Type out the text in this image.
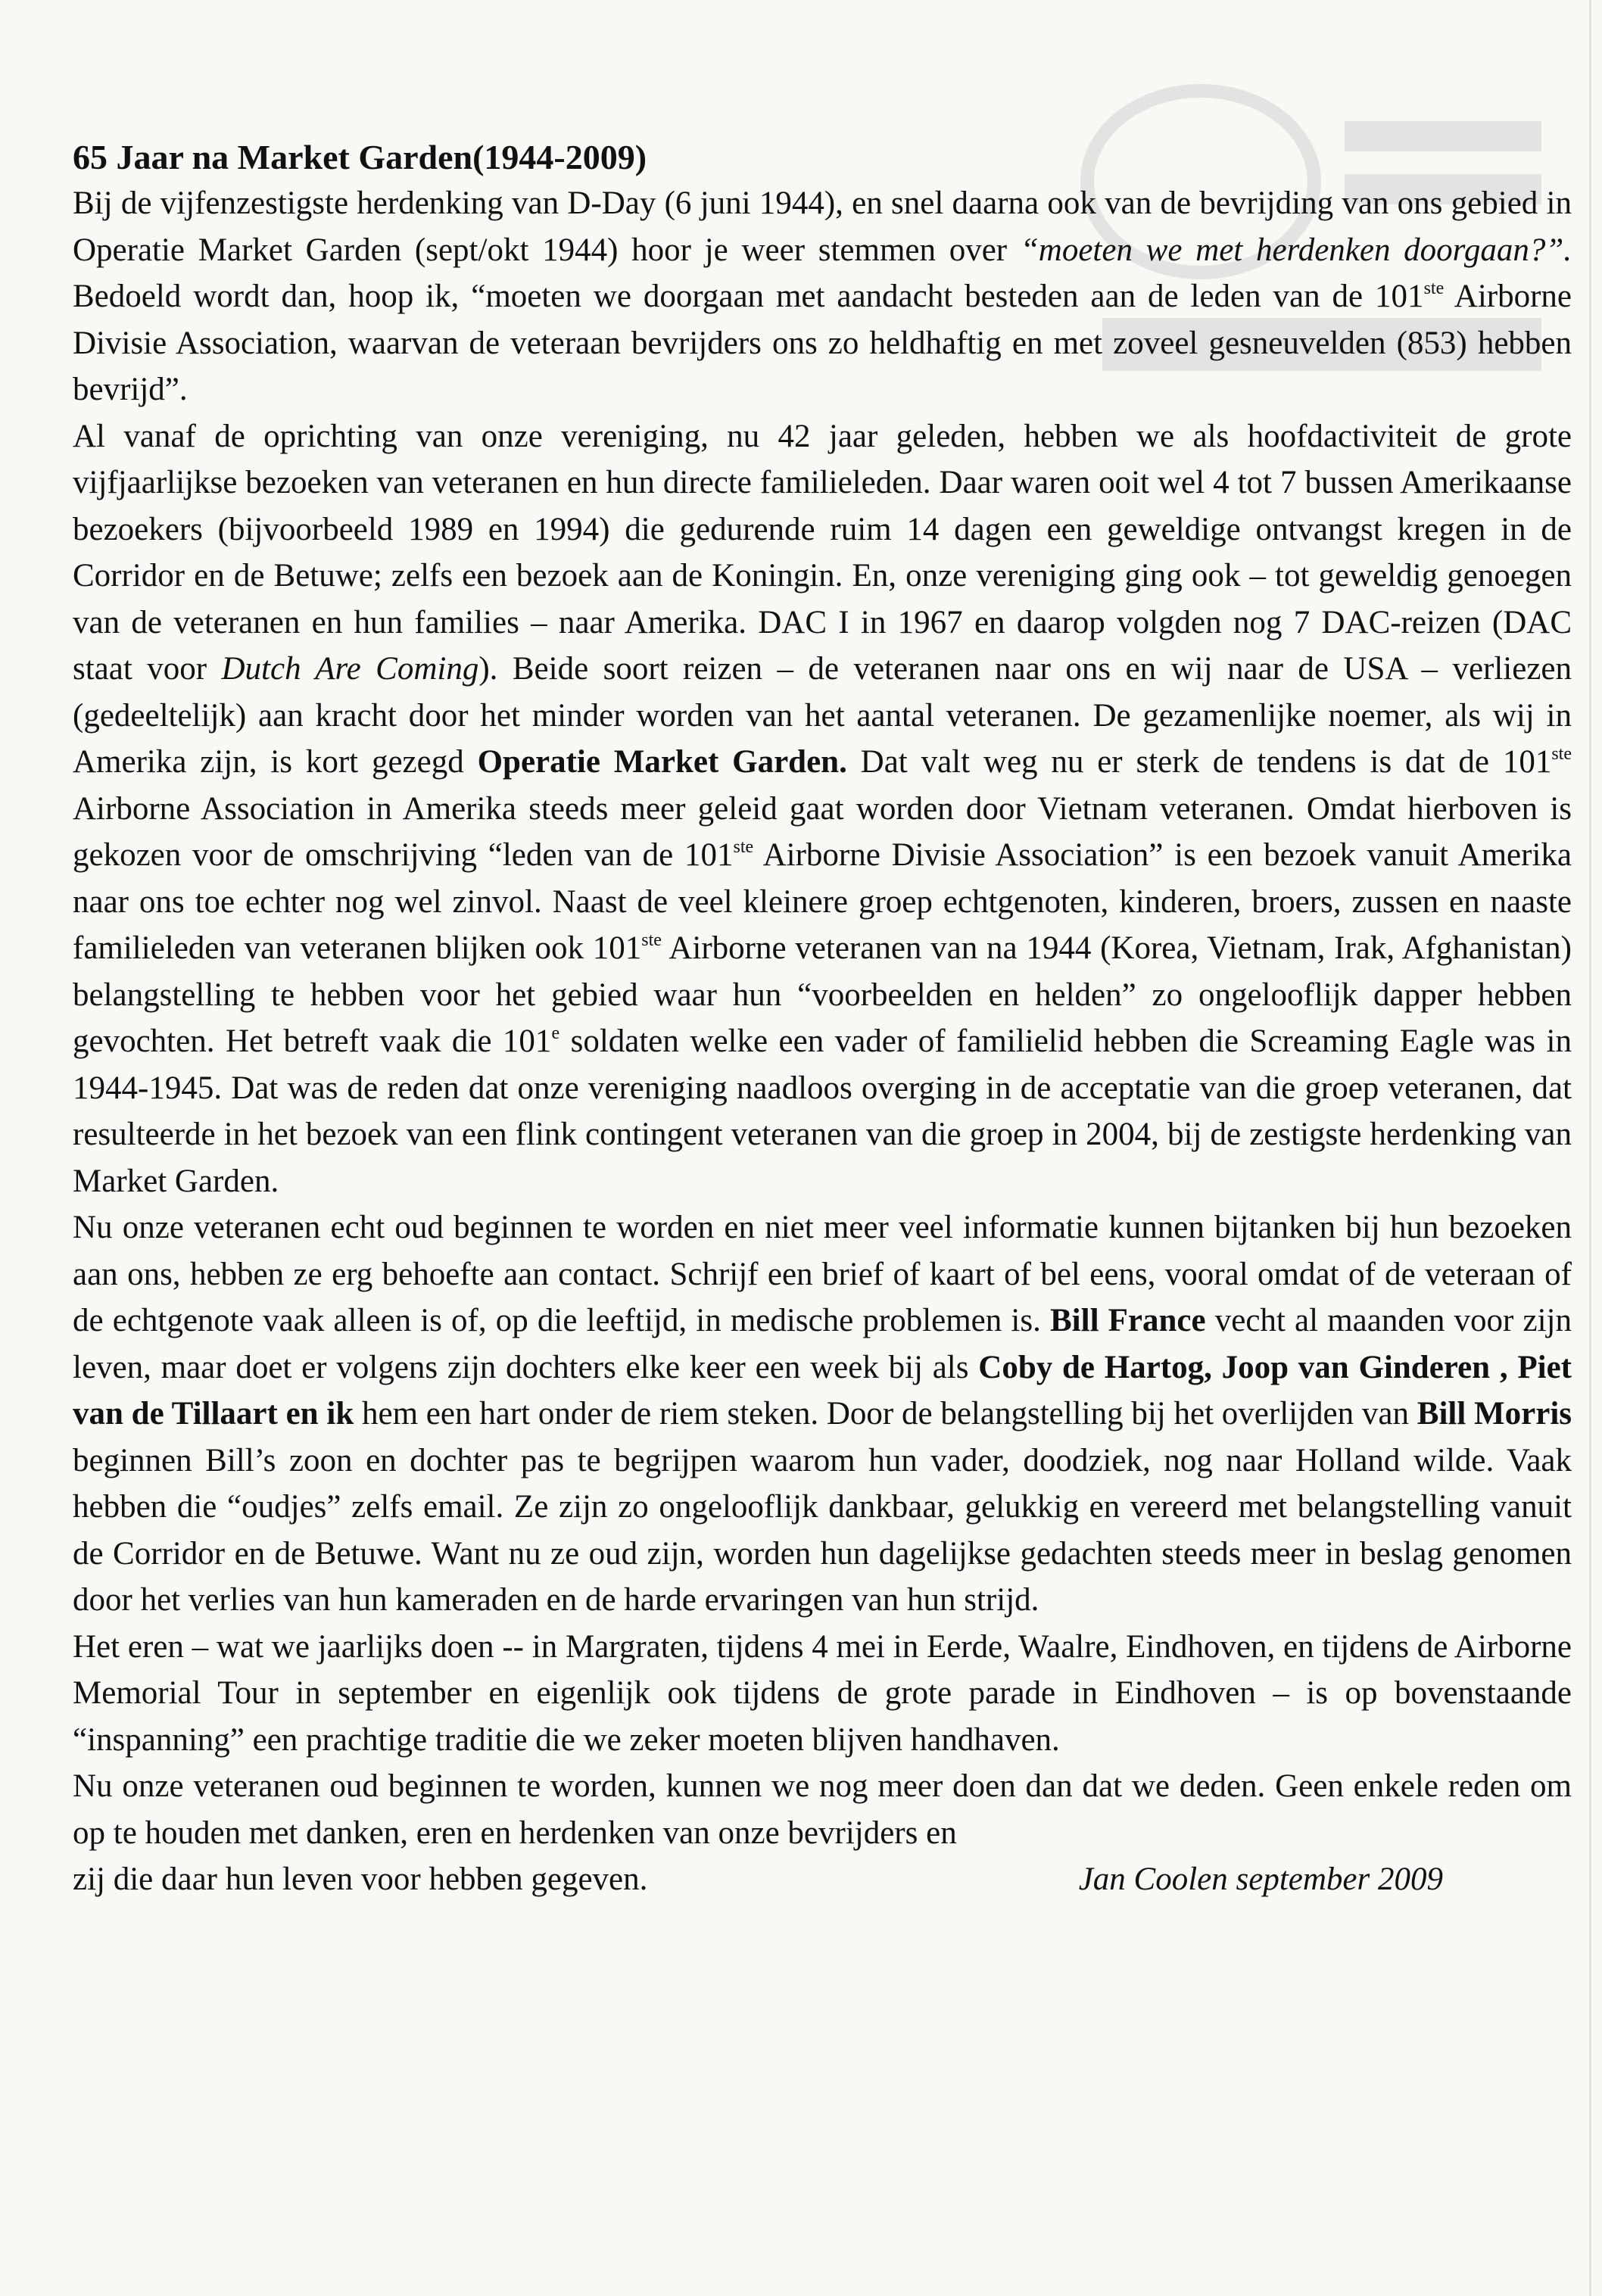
65 Jaar na Market Garden(1944-2009)

Bij de vijfenzestigste herdenking van D-Day (6 juni 1944), en snel daarna ook van de bevrijding van ons gebied in Operatie Market Garden (sept/okt 1944) hoor je weer stemmen over “moeten we met herdenken doorgaan?”. Bedoeld wordt dan, hoop ik, “moeten we doorgaan met aandacht besteden aan de leden van de 101ste Airborne Divisie Association, waarvan de veteraan bevrijders ons zo heldhaftig en met zoveel gesneuvelden (853) hebben bevrijd”.

Al vanaf de oprichting van onze vereniging, nu 42 jaar geleden, hebben we als hoofdactiviteit de grote vijfjaarlijkse bezoeken van veteranen en hun directe familieleden. Daar waren ooit wel 4 tot 7 bussen Amerikaanse bezoekers (bijvoorbeeld 1989 en 1994) die gedurende ruim 14 dagen een geweldige ontvangst kregen in de Corridor en de Betuwe; zelfs een bezoek aan de Koningin. En, onze vereniging ging ook – tot geweldig genoegen van de veteranen en hun families – naar Amerika. DAC I in 1967 en daarop volgden nog 7 DAC-reizen (DAC staat voor Dutch Are Coming). Beide soort reizen – de veteranen naar ons en wij naar de USA – verliezen (gedeeltelijk) aan kracht door het minder worden van het aantal veteranen. De gezamenlijke noemer, als wij in Amerika zijn, is kort gezegd Operatie Market Garden. Dat valt weg nu er sterk de tendens is dat de 101ste Airborne Association in Amerika steeds meer geleid gaat worden door Vietnam veteranen. Omdat hierboven is gekozen voor de omschrijving “leden van de 101ste Airborne Divisie Association” is een bezoek vanuit Amerika naar ons toe echter nog wel zinvol. Naast de veel kleinere groep echtgenoten, kinderen, broers, zussen en naaste familieleden van veteranen blijken ook 101ste Airborne veteranen van na 1944 (Korea, Vietnam, Irak, Afghanistan) belangstelling te hebben voor het gebied waar hun “voorbeelden en helden” zo ongelooflijk dapper hebben gevochten. Het betreft vaak die 101e soldaten welke een vader of familielid hebben die Screaming Eagle was in 1944-1945. Dat was de reden dat onze vereniging naadloos overging in de acceptatie van die groep veteranen, dat resulteerde in het bezoek van een flink contingent veteranen van die groep in 2004, bij de zestigste herdenking van Market Garden.

Nu onze veteranen echt oud beginnen te worden en niet meer veel informatie kunnen bijtanken bij hun bezoeken aan ons, hebben ze erg behoefte aan contact. Schrijf een brief of kaart of bel eens, vooral omdat of de veteraan of de echtgenote vaak alleen is of, op die leeftijd, in medische problemen is. Bill France vecht al maanden voor zijn leven, maar doet er volgens zijn dochters elke keer een week bij als Coby de Hartog, Joop van Ginderen , Piet van de Tillaart en ik hem een hart onder de riem steken. Door de belangstelling bij het overlijden van Bill Morris beginnen Bill’s zoon en dochter pas te begrijpen waarom hun vader, doodziek, nog naar Holland wilde. Vaak hebben die “oudjes” zelfs email. Ze zijn zo ongelooflijk dankbaar, gelukkig en vereerd met belangstelling vanuit de Corridor en de Betuwe. Want nu ze oud zijn, worden hun dagelijkse gedachten steeds meer in beslag genomen door het verlies van hun kameraden en de harde ervaringen van hun strijd.

Het eren – wat we jaarlijks doen -- in Margraten, tijdens 4 mei in Eerde, Waalre, Eindhoven, en tijdens de Airborne Memorial Tour in september en eigenlijk ook tijdens de grote parade in Eindhoven – is op bovenstaande “inspanning” een prachtige traditie die we zeker moeten blijven handhaven.

Nu onze veteranen oud beginnen te worden, kunnen we nog meer doen dan dat we deden. Geen enkele reden om op te houden met danken, eren en herdenken van onze bevrijders en

zij die daar hun leven voor hebben gegeven.	Jan Coolen september 2009
